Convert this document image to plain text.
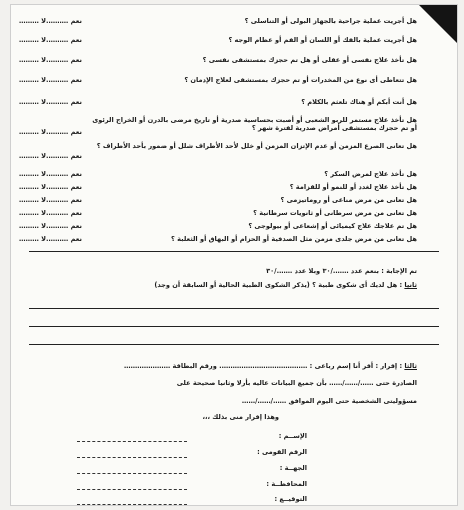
هل أجريت عملية جراحية بالجهاز البولى أو التناسلى ؟
نعم ……….لا ………
هل أجريت عملية بالفك أو اللسان أو الفم أو عظام الوجه ؟
نعم ……….لا ………
هل تأخذ علاج نفسى أو عقلى أو هل تم حجزك بمستشفى نفسى ؟
نعم ……….لا ………
هل تتعاطى أى نوع من المخدرات أو تم حجزك بمستشفى لعلاج الإدمان ؟
نعم ……….لا ………
هل أنت أبكم أو هناك تلعثم بالكلام ؟
نعم ……….لا ………
هل تأخذ علاج مستمر للربو الشعبى أو أصبت بحساسية صدرية أو تاريخ مرضى بالدرن أو الخراج الرئوى أو تم حجزك بمستشفى أمراض صدرية لفترة شهر ؟
نعم ……….لا ………
هل تعانى الصرع المزمن أو عدم الإتزان المزمن أو خلل لأحد الأطراف شلل أو ضمور بأحد الأطراف ؟
نعم ……….لا ………
هل تأخذ علاج لمرض السكر ؟
نعم ……….لا ………
هل تأخذ علاج لغدد أو للنمو أو للقزامة ؟
نعم ……….لا ………
هل تعانى من مرض مناعى أو روماتيزمى ؟
نعم ……….لا ………
هل تعانى من مرض سرطانى أو ثانويات سرطانية ؟
نعم ……….لا ………
هل تم علاجك علاج كيميائى أو إشعاعى أو بيولوجى ؟
نعم ……….لا ………
هل تعانى من مرض جلدى مزمن مثل الصدفية أو الحزام أو البهاق أو الثعلبة ؟
نعم ……….لا ………
تم الإجابة : بنعم عدد ……./٣٠ وبلا عدد ……./٣٠
ثانيا : هل لديك أى شكوى طبية ؟ (يذكر الشكوى الطبية الحالية أو السابقة أن وجد)
ثالثا : إقرار : أقر أنا إسم رباعى : …………………………………. ورقم البطاقة …………………
الصادرة حتى ……/……/…… بأن جميع البيانات عاليه بأرلا وثانيا صحيحة على
مسؤوليتى الشخصية حتى اليوم الموافق ……/……/……
وهذا إقرار منى بذلك ،،،
الإســم :
الرقم القومى :
الجهــة :
المحافظــة :
التوقيــع :
